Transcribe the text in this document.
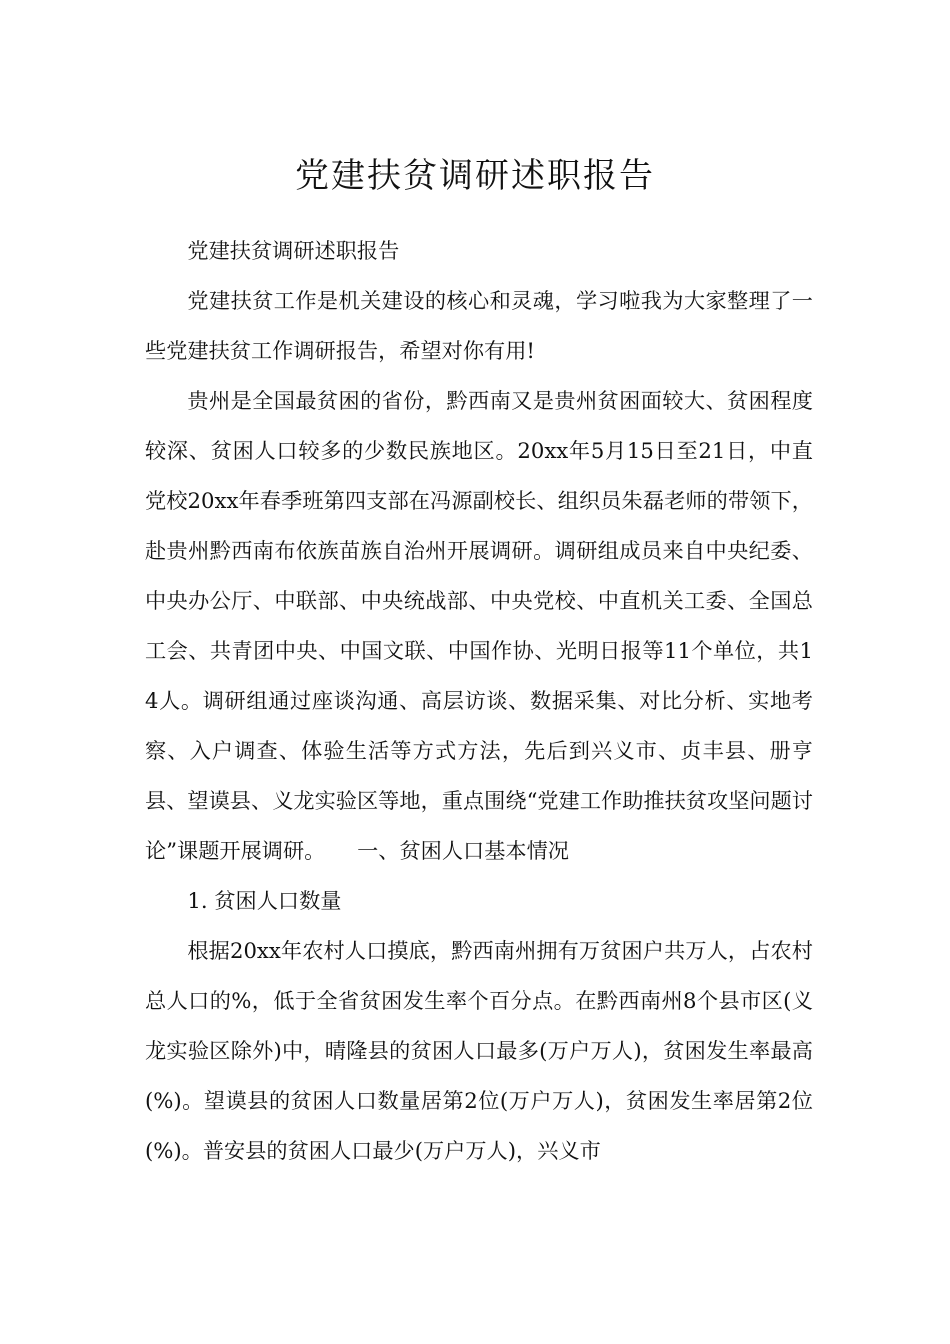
党建扶贫调研述职报告

党建扶贫调研述职报告

党建扶贫工作是机关建设的核心和灵魂，学习啦我为大家整理了一些党建扶贫工作调研报告，希望对你有用!

贵州是全国最贫困的省份，黔西南又是贵州贫困面较大、贫困程度较深、贫困人口较多的少数民族地区。20xx年5月15日至21日，中直党校20xx年春季班第四支部在冯源副校长、组织员朱磊老师的带领下，赴贵州黔西南布依族苗族自治州开展调研。调研组成员来自中央纪委、中央办公厅、中联部、中央统战部、中央党校、中直机关工委、全国总工会、共青团中央、中国文联、中国作协、光明日报等11个单位，共14人。调研组通过座谈沟通、高层访谈、数据采集、对比分析、实地考察、入户调查、体验生活等方式方法，先后到兴义市、贞丰县、册亨县、望谟县、义龙实验区等地，重点围绕“党建工作助推扶贫攻坚问题讨论”课题开展调研。　　一、贫困人口基本情况

1. 贫困人口数量

根据20xx年农村人口摸底，黔西南州拥有万贫困户共万人，占农村总人口的%，低于全省贫困发生率个百分点。在黔西南州8个县市区(义龙实验区除外)中，晴隆县的贫困人口最多(万户万人)，贫困发生率最高(%)。望谟县的贫困人口数量居第2位(万户万人)，贫困发生率居第2位(%)。普安县的贫困人口最少(万户万人)，兴义市
